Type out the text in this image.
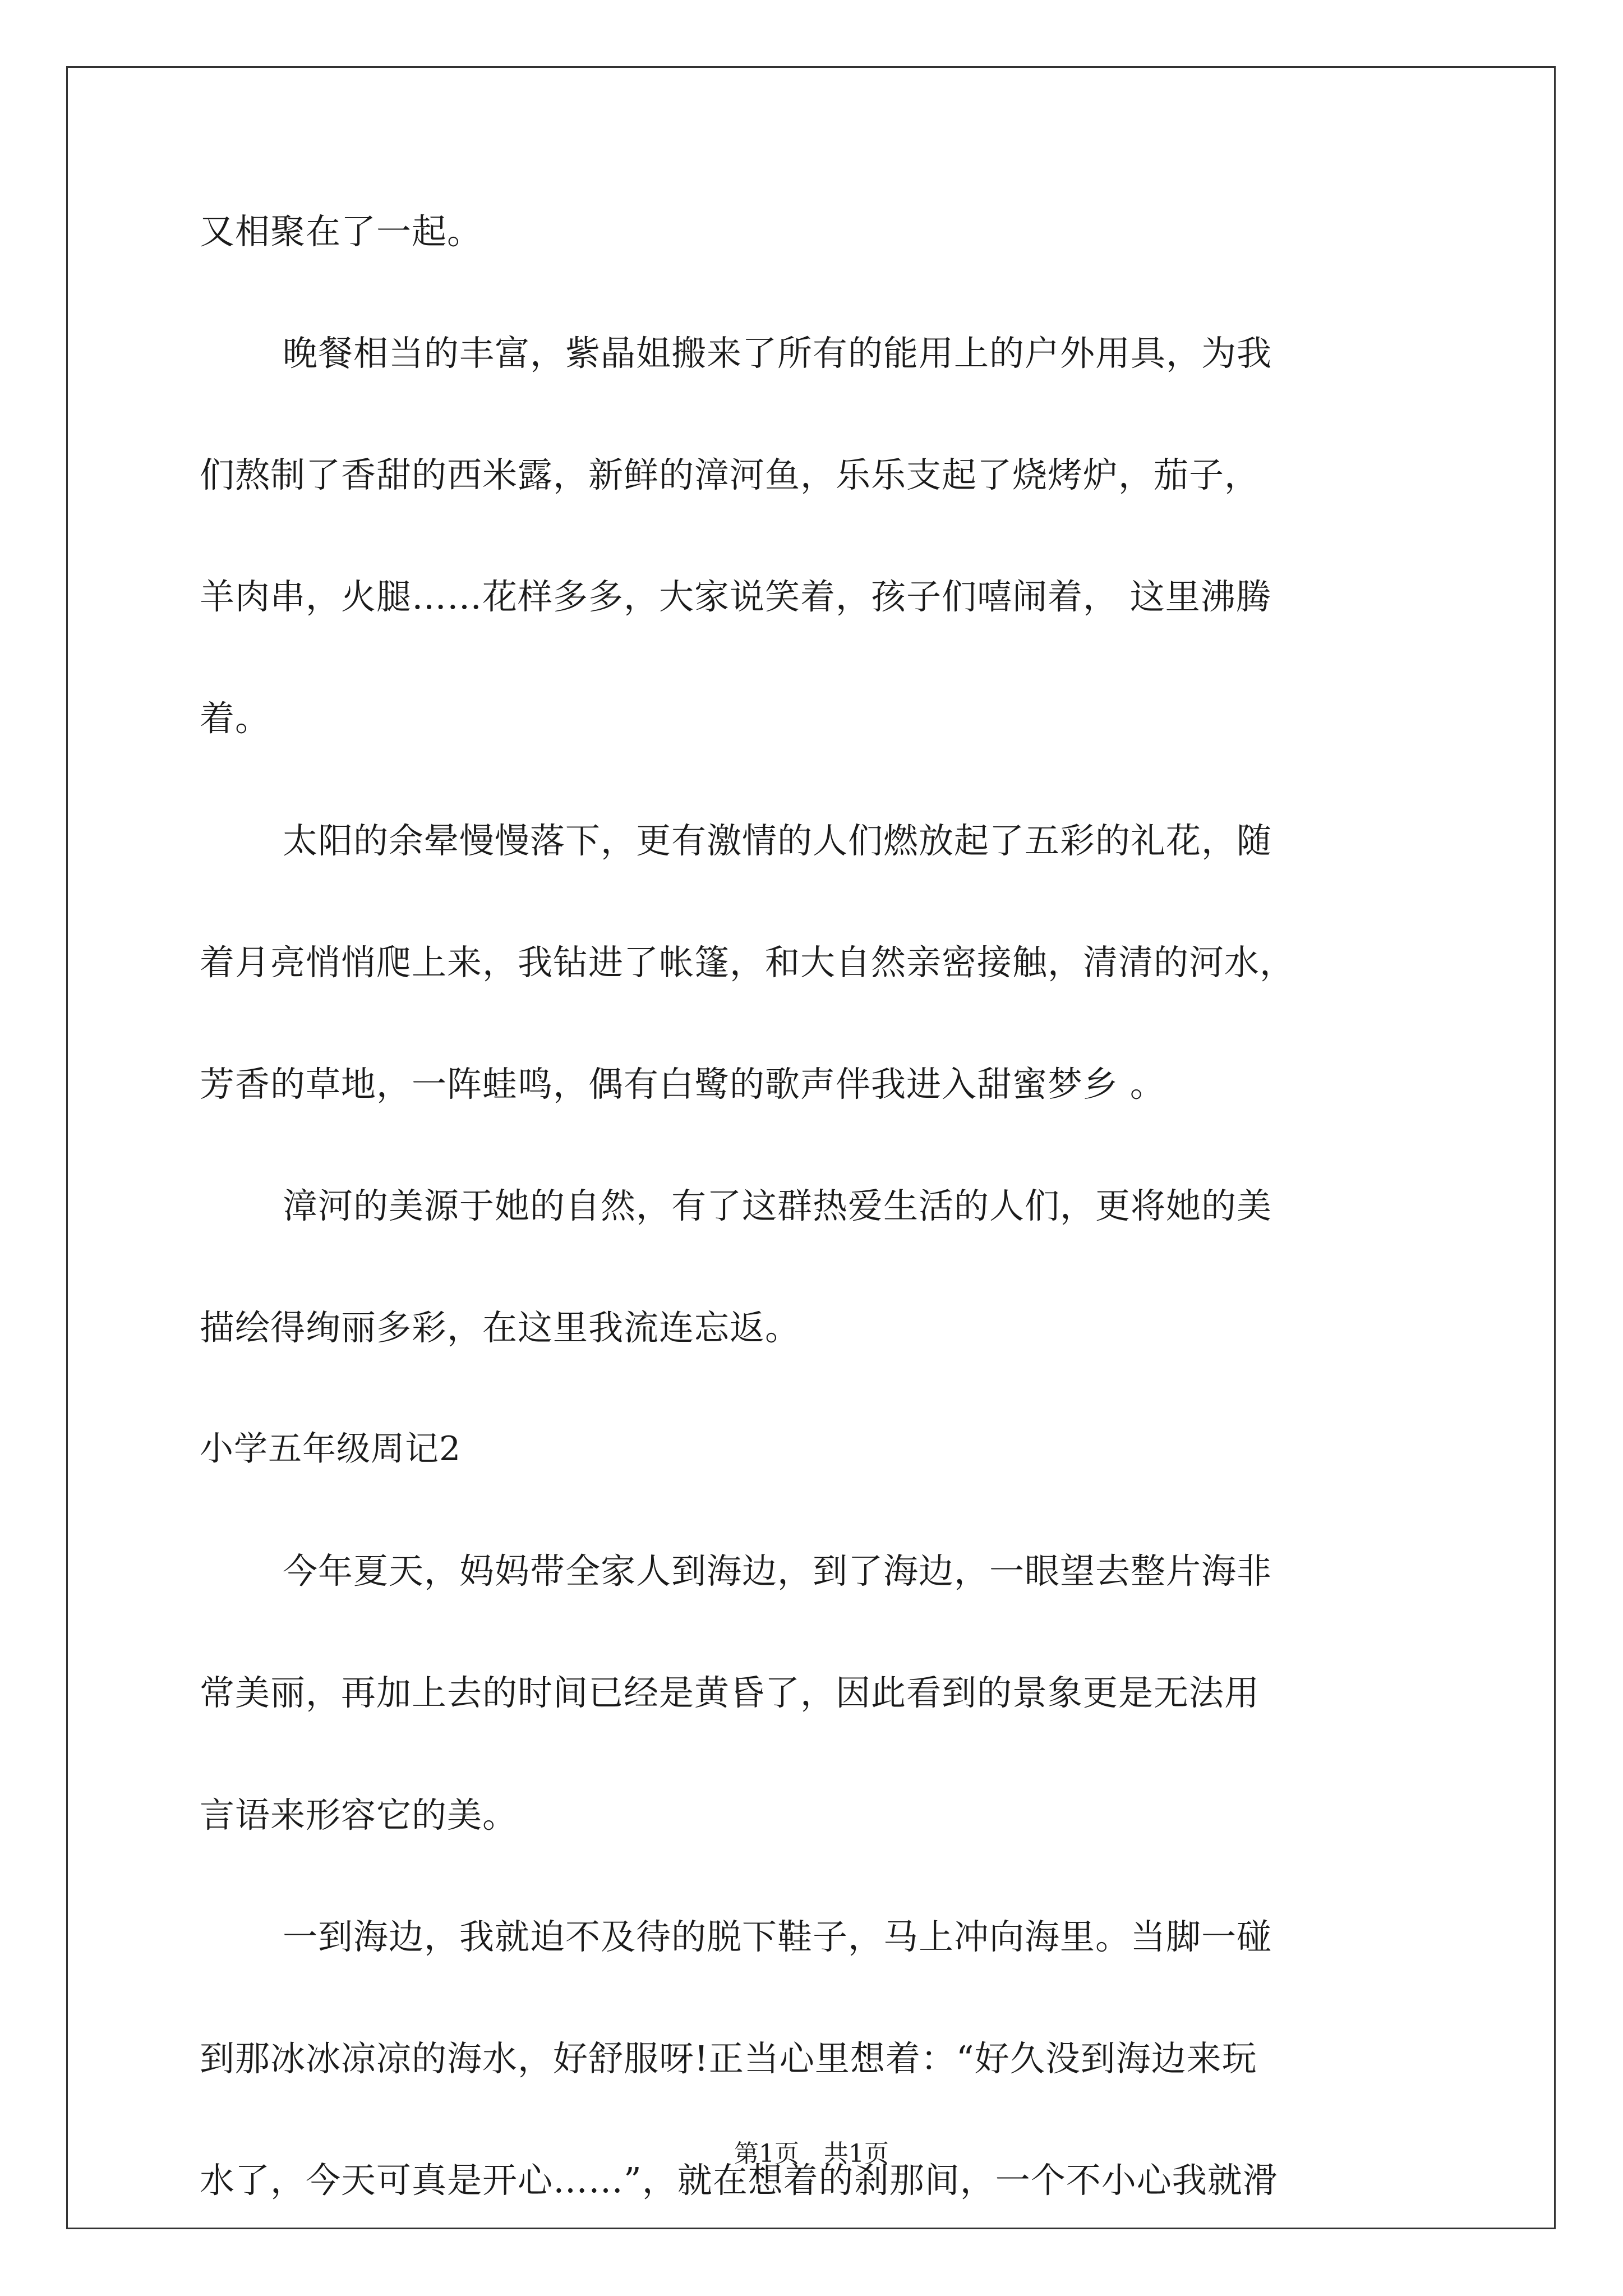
第1页　共1页
又相聚在了一起。
晚餐相当的丰富，紫晶姐搬来了所有的能用上的户外用具，为我
们熬制了香甜的西米露，新鲜的漳河鱼，乐乐支起了烧烤炉，茄子，
羊肉串，火腿……花样多多，大家说笑着，孩子们嘻闹着， 这里沸腾
着。
太阳的余晕慢慢落下，更有激情的人们燃放起了五彩的礼花，随
着月亮悄悄爬上来，我钻进了帐篷，和大自然亲密接触，清清的河水，
芳香的草地，一阵蛙鸣，偶有白鹭的歌声伴我进入甜蜜梦乡 。
漳河的美源于她的自然，有了这群热爱生活的人们，更将她的美
描绘得绚丽多彩，在这里我流连忘返。
小学五年级周记2
今年夏天，妈妈带全家人到海边，到了海边，一眼望去整片海非
常美丽，再加上去的时间已经是黄昏了，因此看到的景象更是无法用
言语来形容它的美。
一到海边，我就迫不及待的脱下鞋子，马上冲向海里。当脚一碰
到那冰冰凉凉的海水，好舒服呀!正当心里想着：“好久没到海边来玩
水了，今天可真是开心……”，就在想着的刹那间，一个不小心我就滑
